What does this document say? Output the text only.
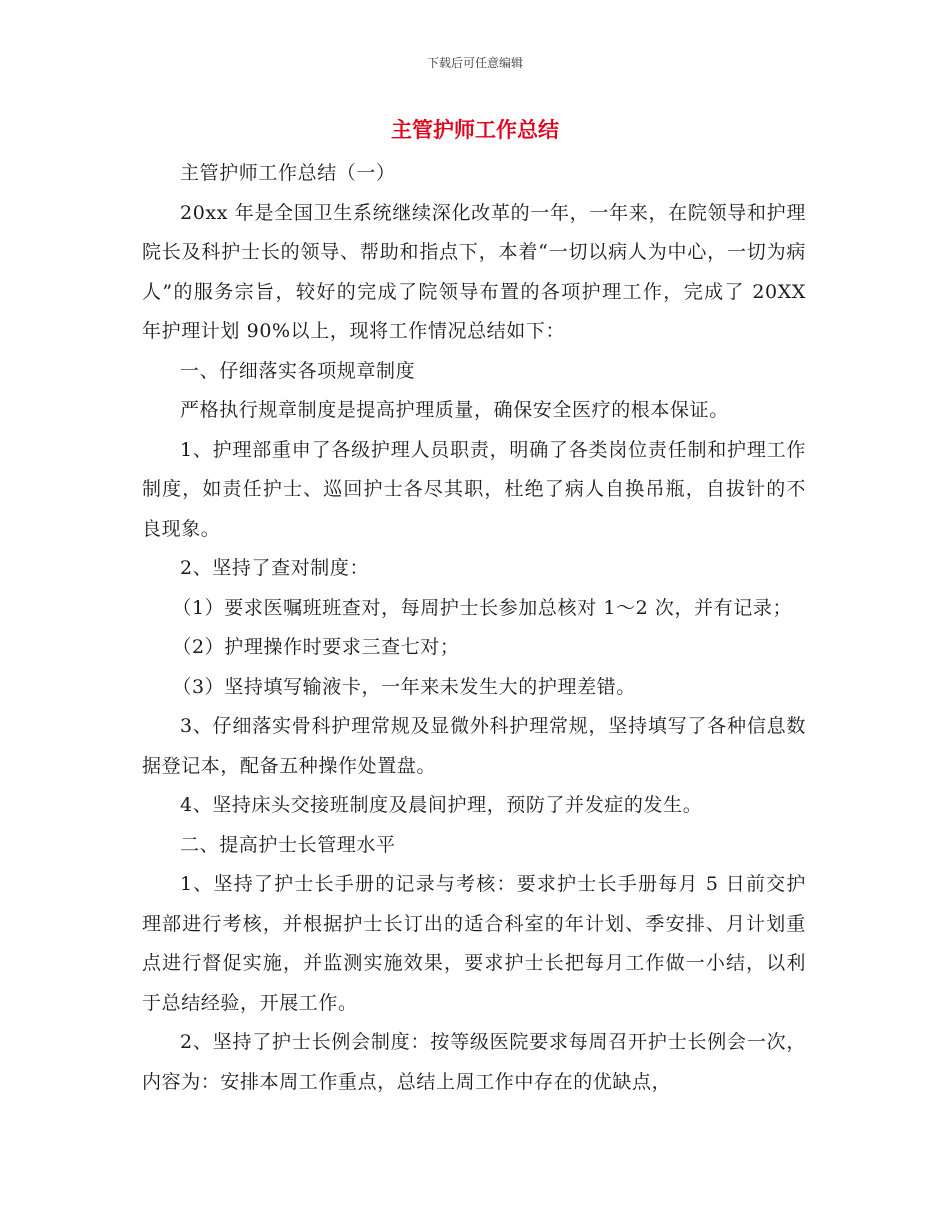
下载后可任意编辑
主管护师工作总结

主管护师工作总结（一）

20xx 年是全国卫生系统继续深化改革的一年，一年来，在院领导和护理院长及科护士长的领导、帮助和指点下，本着“一切以病人为中心，一切为病人”的服务宗旨，较好的完成了院领导布置的各项护理工作，完成了 20XX 年护理计划 90%以上，现将工作情况总结如下：

一、仔细落实各项规章制度

严格执行规章制度是提高护理质量，确保安全医疗的根本保证。

1、护理部重申了各级护理人员职责，明确了各类岗位责任制和护理工作制度，如责任护士、巡回护士各尽其职，杜绝了病人自换吊瓶，自拔针的不良现象。

2、坚持了查对制度：

（1）要求医嘱班班查对，每周护士长参加总核对 1～2 次，并有记录；

（2）护理操作时要求三查七对；

（3）坚持填写输液卡，一年来未发生大的护理差错。

3、仔细落实骨科护理常规及显微外科护理常规，坚持填写了各种信息数据登记本，配备五种操作处置盘。

4、坚持床头交接班制度及晨间护理，预防了并发症的发生。

二、提高护士长管理水平

1、坚持了护士长手册的记录与考核：要求护士长手册每月 5 日前交护理部进行考核，并根据护士长订出的适合科室的年计划、季安排、月计划重点进行督促实施，并监测实施效果，要求护士长把每月工作做一小结，以利于总结经验，开展工作。

2、坚持了护士长例会制度：按等级医院要求每周召开护士长例会一次，内容为：安排本周工作重点，总结上周工作中存在的优缺点，
